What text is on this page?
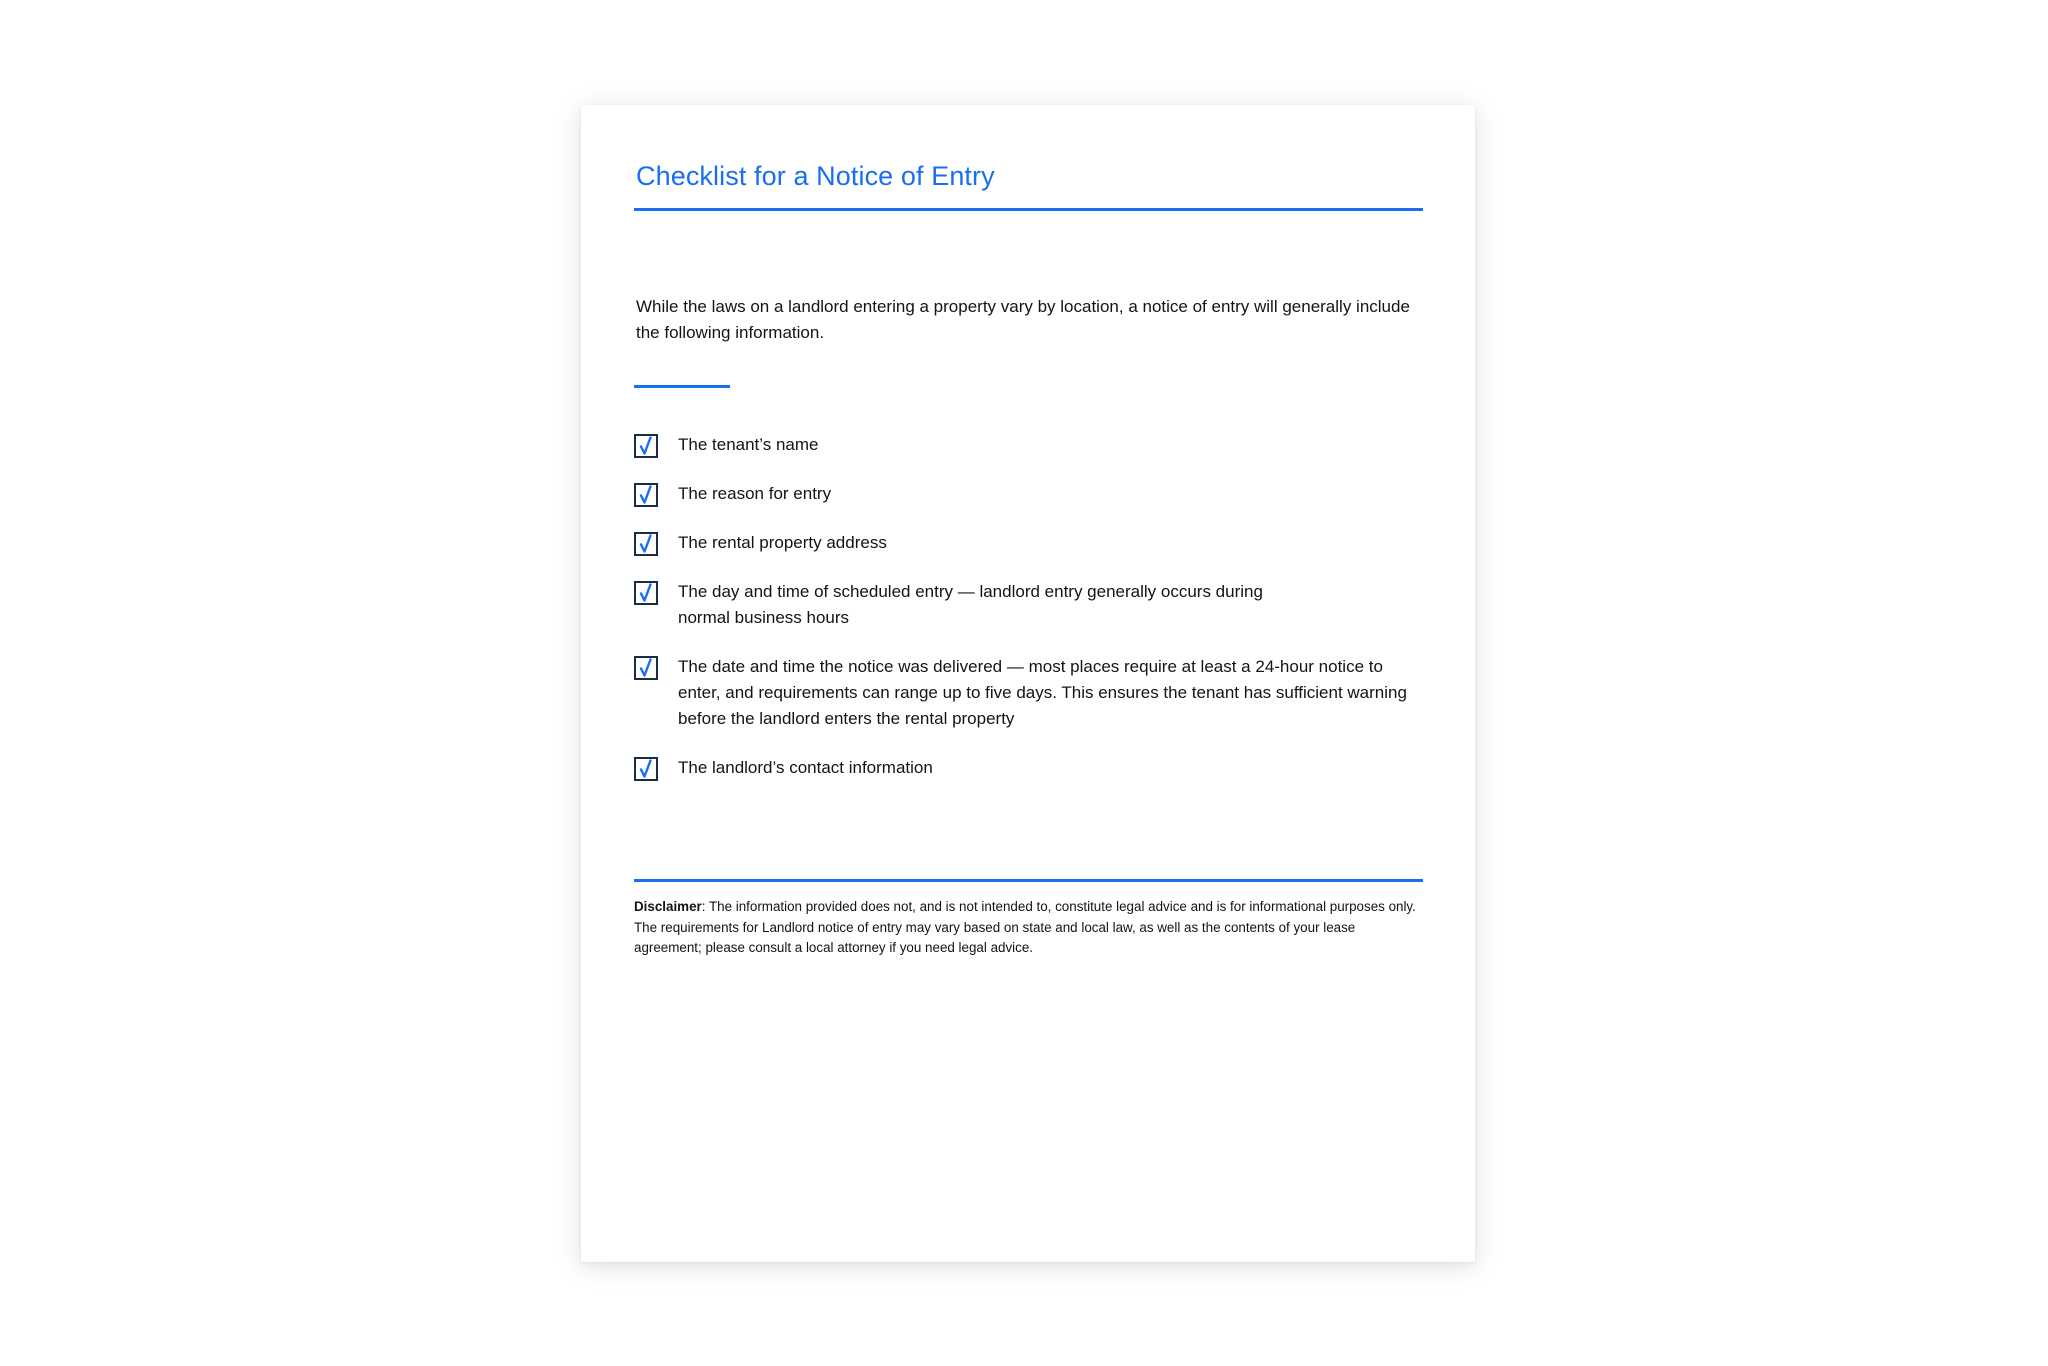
Checklist for a Notice of Entry

While the laws on a landlord entering a property vary by location, a notice of entry will generally include the following information.

The tenant’s name
The reason for entry
The rental property address
The day and time of scheduled entry — landlord entry generally occurs during normal business hours
The date and time the notice was delivered — most places require at least a 24-hour notice to enter, and requirements can range up to five days. This ensures the tenant has sufficient warning before the landlord enters the rental property
The landlord’s contact information

Disclaimer: The information provided does not, and is not intended to, constitute legal advice and is for informational purposes only. The requirements for Landlord notice of entry may vary based on state and local law, as well as the contents of your lease agreement; please consult a local attorney if you need legal advice.
